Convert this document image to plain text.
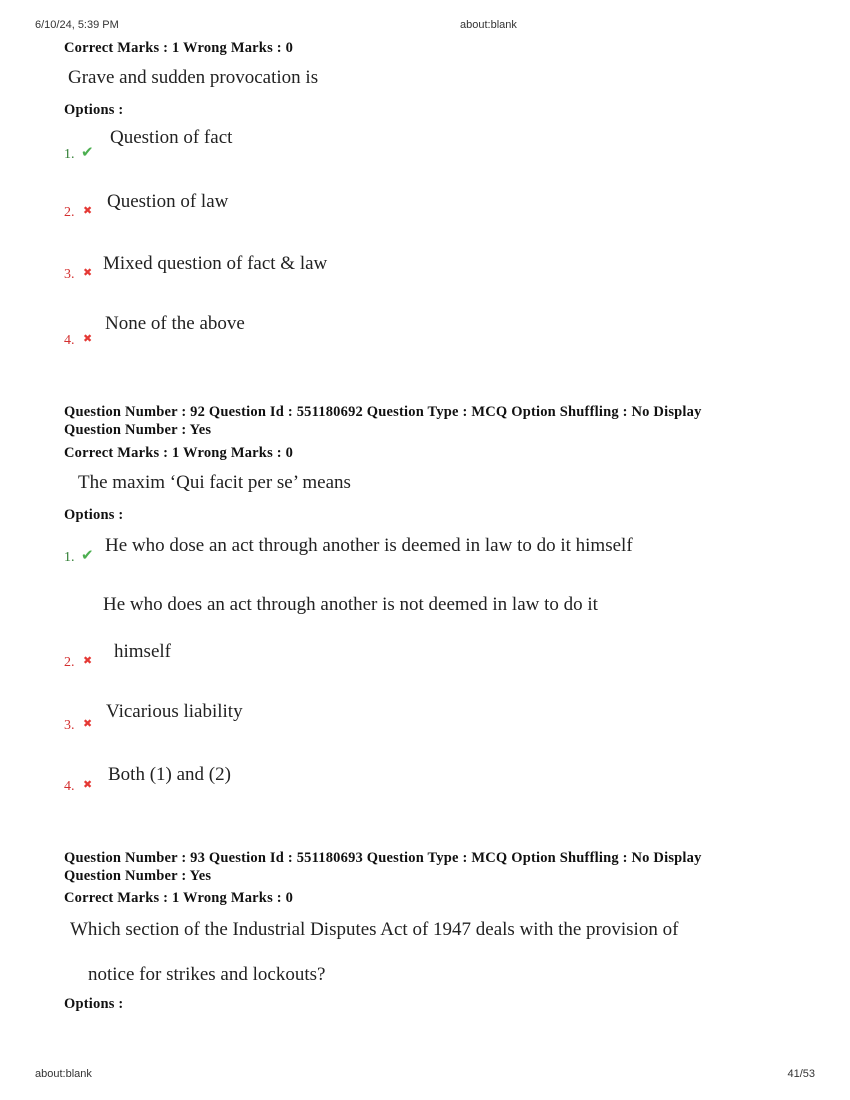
6/10/24, 5:39 PM	about:blank
Correct Marks : 1 Wrong Marks : 0
Grave and sudden provocation is
Options :
1. ✔
Question of fact
2. ✖ Question of law
3. ✖ Mixed question of fact & law
4. ✖
None of the above
Question Number : 92 Question Id : 551180692 Question Type : MCQ Option Shuffling : No Display
Question Number : Yes
Correct Marks : 1 Wrong Marks : 0
The maxim ‘Qui facit per se’ means
Options :
1. ✔ He who dose an act through another is deemed in law to do it himself
He who does an act through another is not deemed in law to do it
himself
2. ✖
3. ✖
Vicarious liability
4. ✖ Both (1) and (2)
Question Number : 93 Question Id : 551180693 Question Type : MCQ Option Shuffling : No Display
Question Number : Yes
Correct Marks : 1 Wrong Marks : 0
Which section of the Industrial Disputes Act of 1947 deals with the provision of
notice for strikes and lockouts?
Options :
about:blank	41/53
